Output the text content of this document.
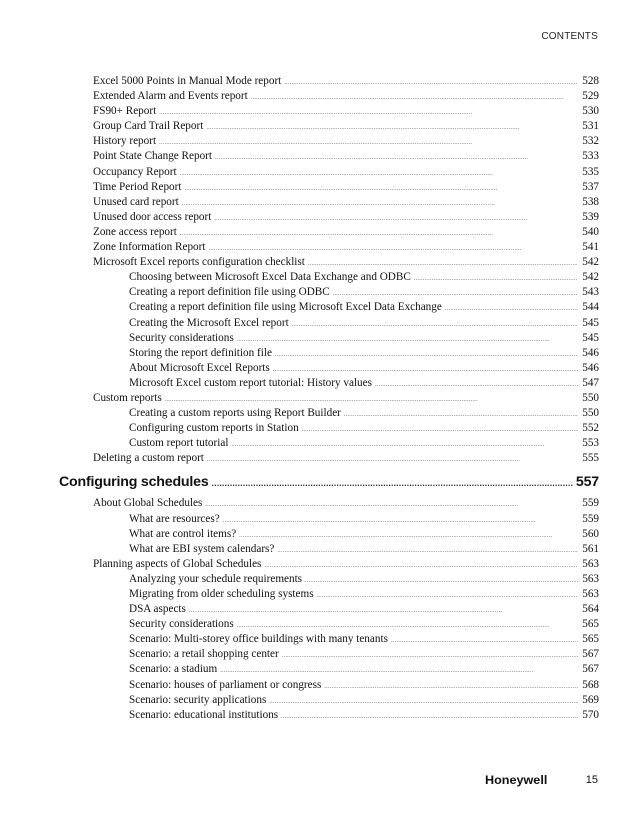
CONTENTS
Excel 5000 Points in Manual Mode report	528
Extended Alarm and Events report	529
FS90+ Report	530
Group Card Trail Report	531
History report	532
Point State Change Report	533
Occupancy Report	535
Time Period Report	537
Unused card report	538
Unused door access report	539
Zone access report	540
Zone Information Report	541
Microsoft Excel reports configuration checklist	542
Choosing between Microsoft Excel Data Exchange and ODBC	542
Creating a report definition file using ODBC	543
Creating a report definition file using Microsoft Excel Data Exchange	544
Creating the Microsoft Excel report	545
Security considerations	545
Storing the report definition file	546
About Microsoft Excel Reports	546
Microsoft Excel custom report tutorial: History values	547
Custom reports	550
Creating a custom reports using Report Builder	550
Configuring custom reports in Station	552
Custom report tutorial	553
Deleting a custom report	555
Configuring schedules	557
About Global Schedules	559
What are resources?	559
What are control items?	560
What are EBI system calendars?	561
Planning aspects of Global Schedules	563
Analyzing your schedule requirements	563
Migrating from older scheduling systems	563
DSA aspects	564
Security considerations	565
Scenario: Multi-storey office buildings with many tenants	565
Scenario: a retail shopping center	567
Scenario: a stadium	567
Scenario: houses of parliament or congress	568
Scenario: security applications	569
Scenario: educational institutions	570
Honeywell	15
